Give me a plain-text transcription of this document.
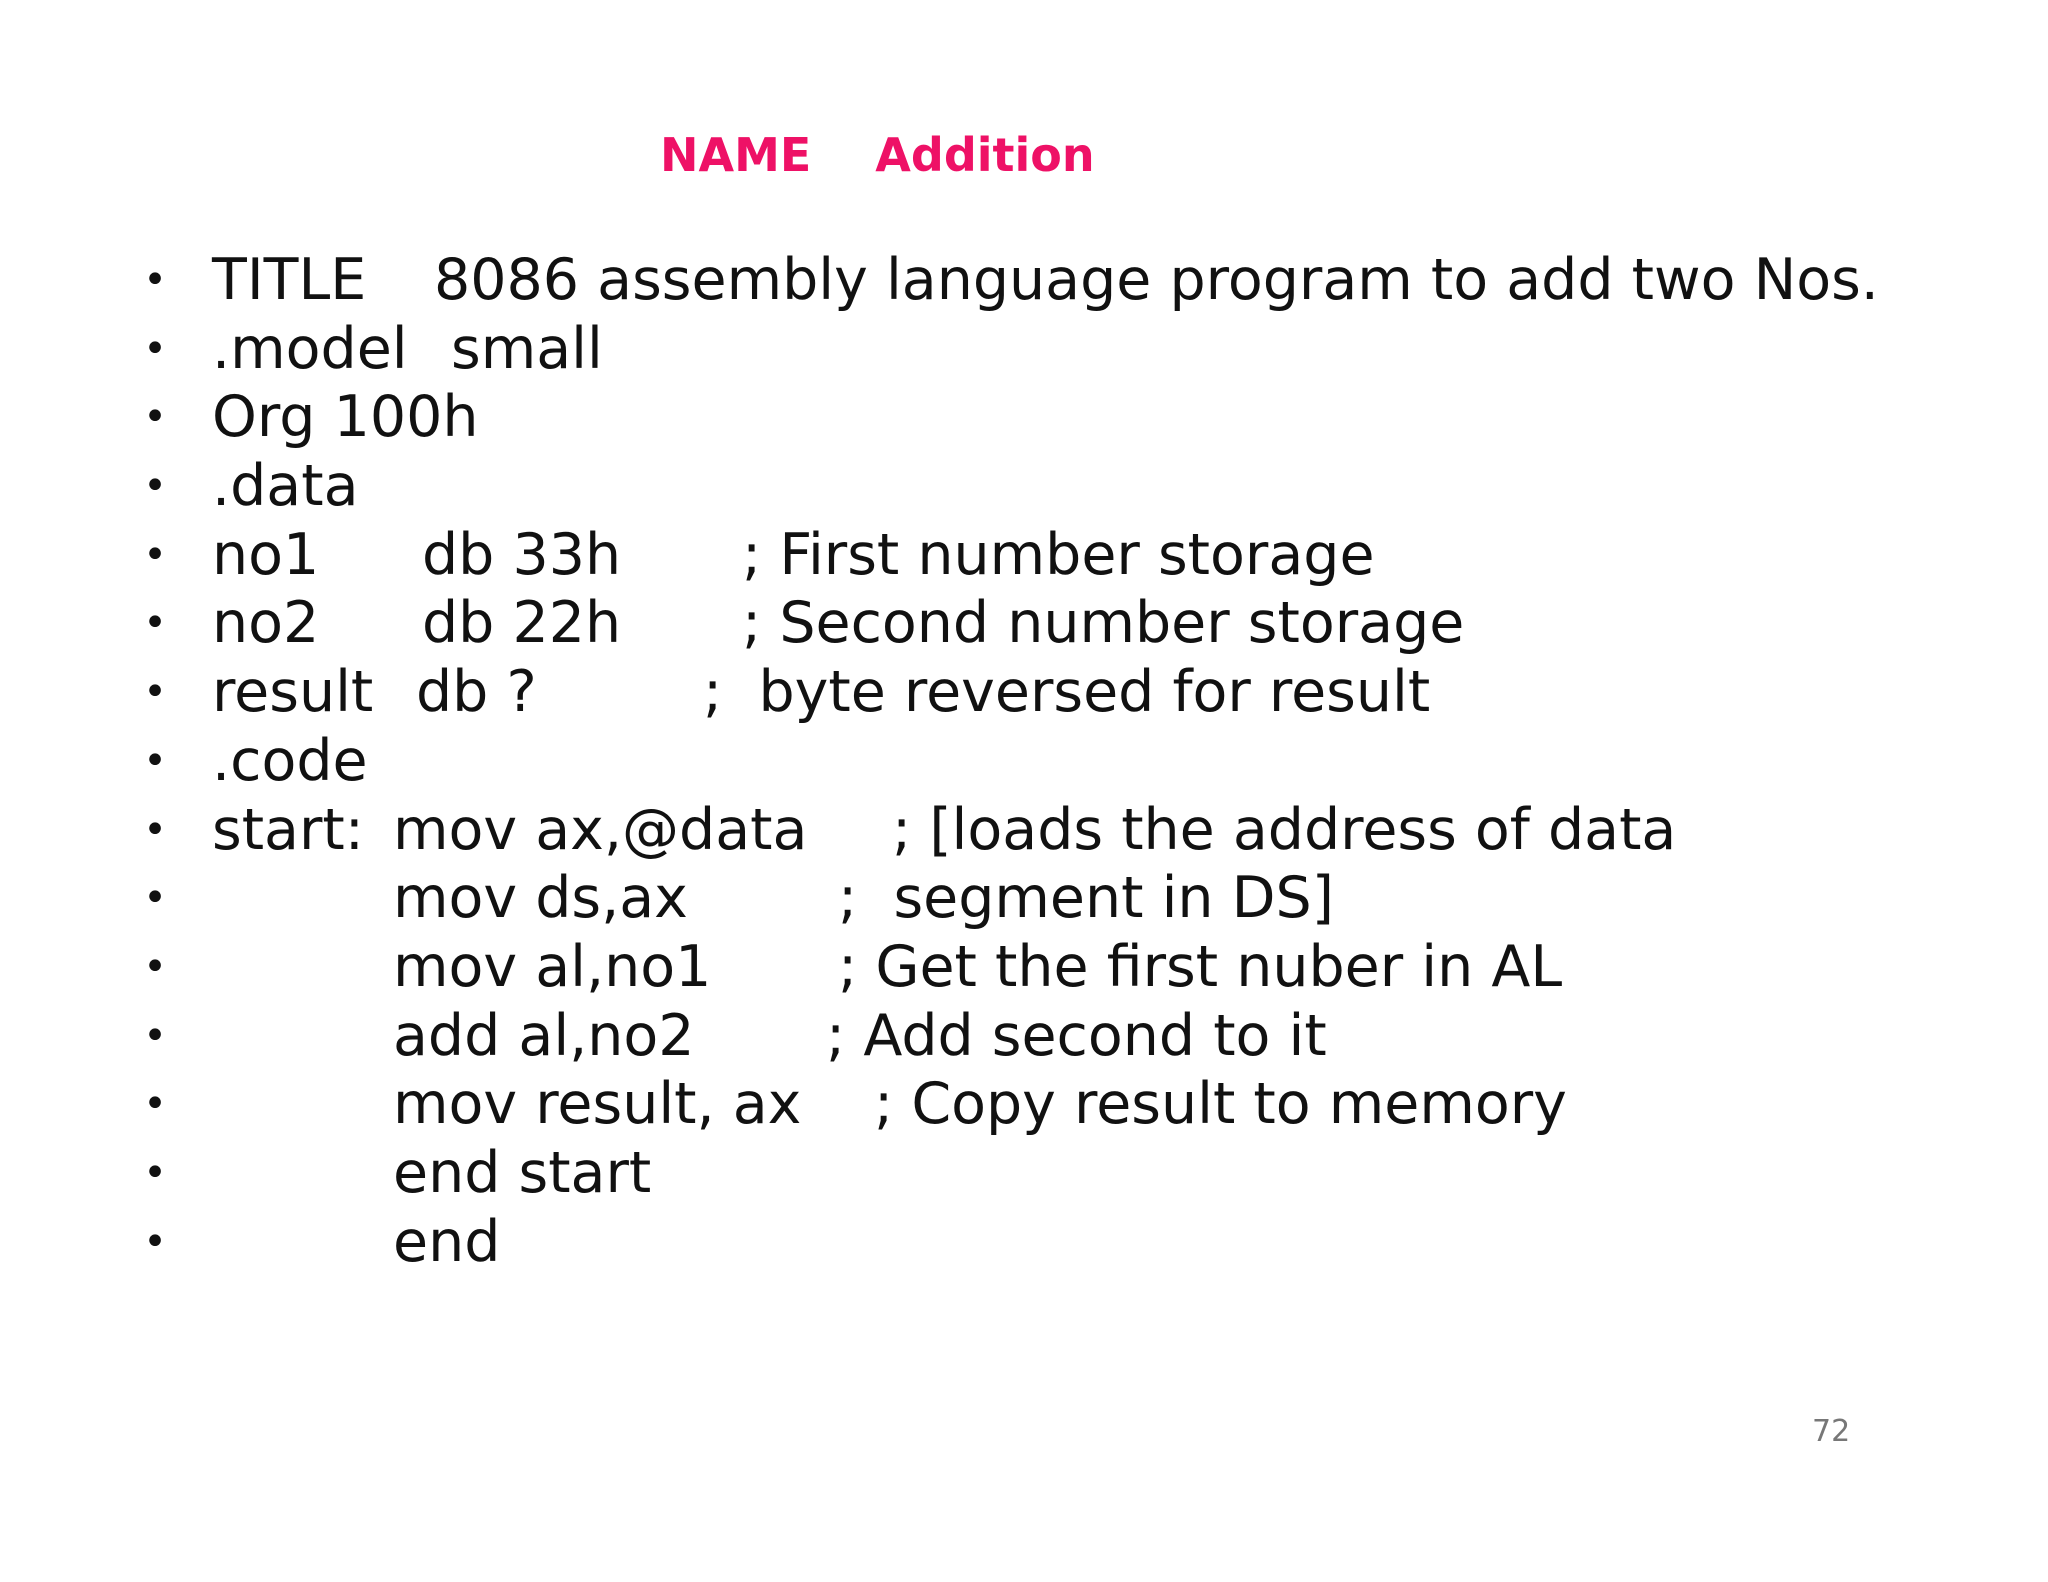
NAME Addition
• TITLE 8086 assembly language program to add two Nos.
• .model small
• Org 100h
• .data
• no1 db 33h ; First number storage
• no2 db 22h ; Second number storage
• result db ?	;  byte reversed for result
• .code
• start: mov ax,@data ; [loads the address of data
•	mov ds,ax	;  segment in DS]
•	mov al,no1 ; Get the first nuber in AL
•	add al,no2 ; Add second to it
•	mov result, ax ; Copy result to memory
•	end start
•	end
72
